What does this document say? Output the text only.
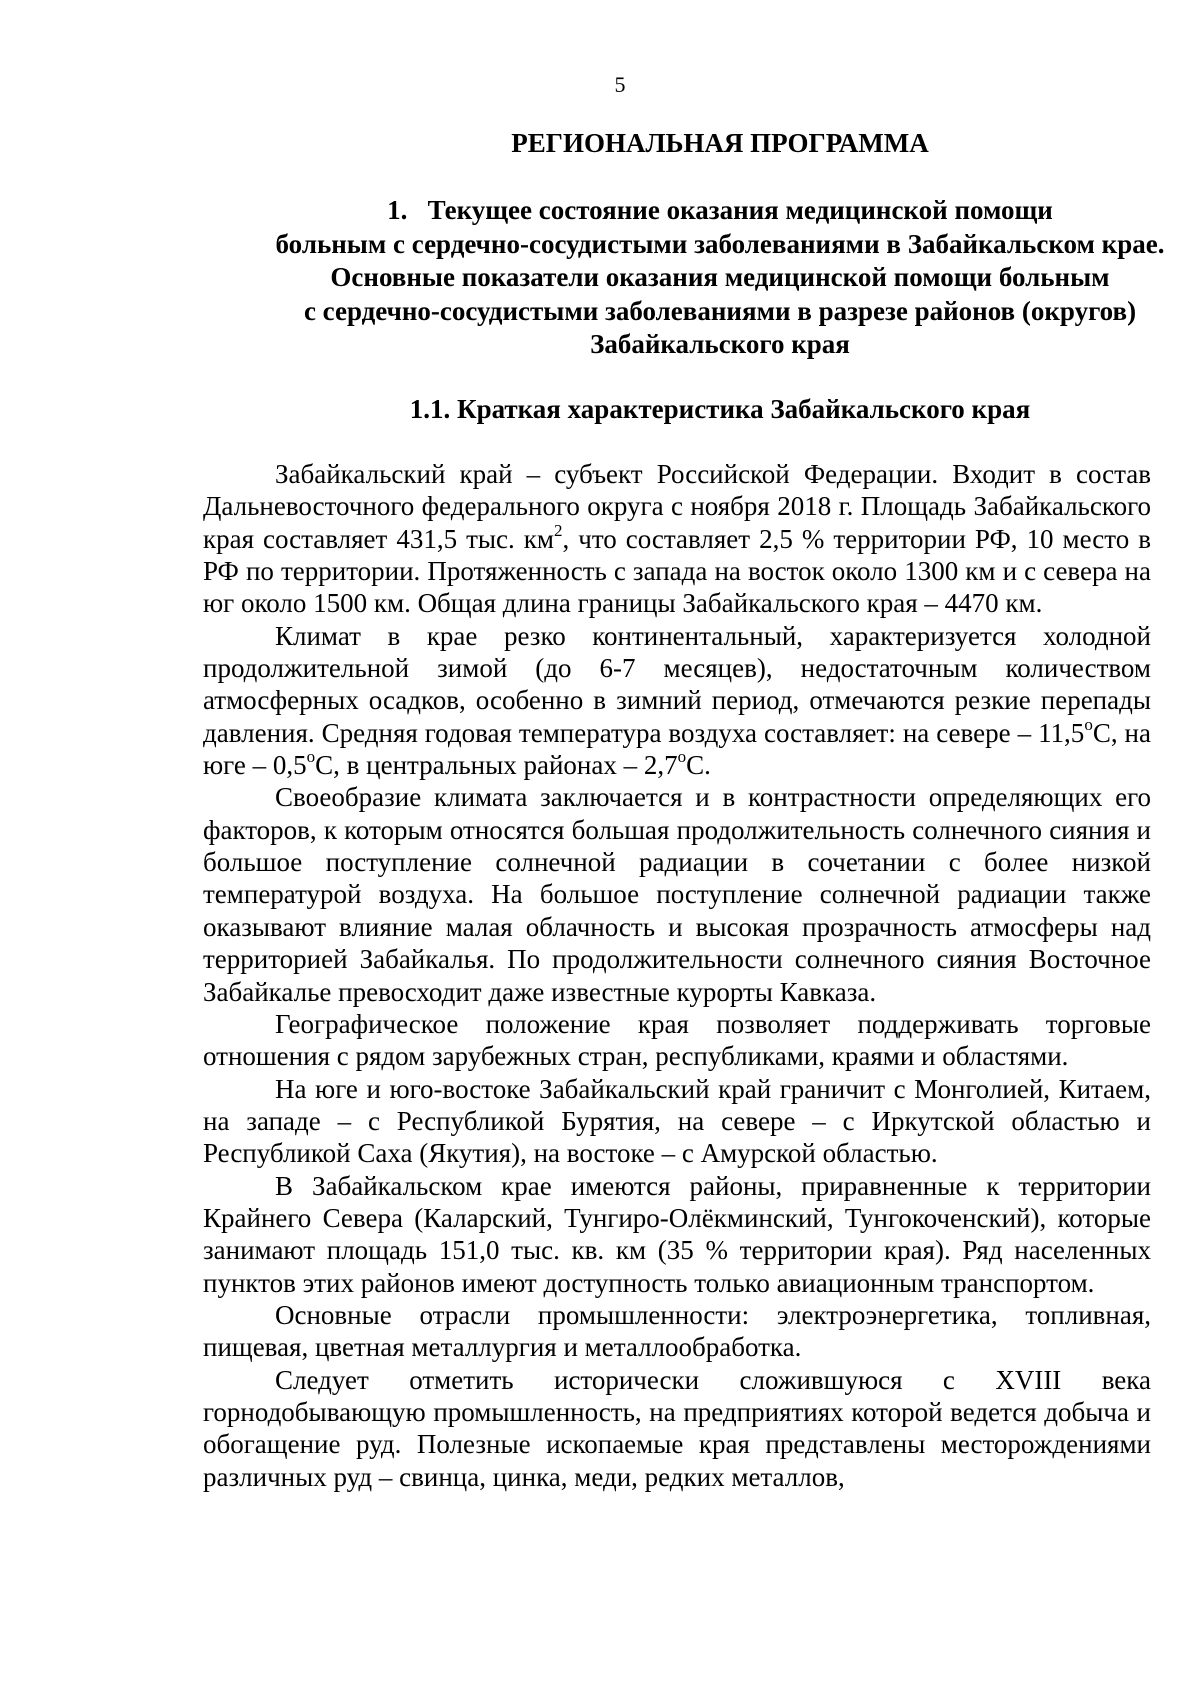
5
РЕГИОНАЛЬНАЯ ПРОГРАММА
1.   Текущее состояние оказания медицинской помощи
больным с сердечно-сосудистыми заболеваниями в Забайкальском крае.
Основные показатели оказания медицинской помощи больным
с сердечно-сосудистыми заболеваниями в разрезе районов (округов)
Забайкальского края
1.1. Краткая характеристика Забайкальского края

Забайкальский край – субъект Российской Федерации. Входит в состав Дальневосточного федерального округа с ноября 2018 г. Площадь Забайкальского края составляет 431,5 тыс. $км^2$, что составляет 2,5 % территории РФ, 10 место в РФ по территории. Протяженность с запада на восток около 1300 км и с севера на юг около 1500 км. Общая длина границы Забайкальского края – 4470 км.

Климат в крае резко континентальный, характеризуется холодной продолжительной зимой (до 6-7 месяцев), недостаточным количеством атмосферных осадков, особенно в зимний период, отмечаются резкие перепады давления. Средняя годовая температура воздуха составляет: на севере – $11,5^оС$, на юге – $0,5^оС$, в центральных районах – $2,7^оС$.

Своеобразие климата заключается и в контрастности определяющих его факторов, к которым относятся большая продолжительность солнечного сияния и большое поступление солнечной радиации в сочетании с более низкой температурой воздуха. На большое поступление солнечной радиации также оказывают влияние малая облачность и высокая прозрачность атмосферы над территорией Забайкалья. По продолжительности солнечного сияния Восточное Забайкалье превосходит даже известные курорты Кавказа.

Географическое положение края позволяет поддерживать торговые отношения с рядом зарубежных стран, республиками, краями и областями.

На юге и юго-востоке Забайкальский край граничит с Монголией, Китаем, на западе – с Республикой Бурятия, на севере – с Иркутской областью и Республикой Саха (Якутия), на востоке – с Амурской областью.

В Забайкальском крае имеются районы, приравненные к территории Крайнего Севера (Каларский, Тунгиро-Олёкминский, Тунгокоченский), которые занимают площадь 151,0 тыс. кв. км (35 % территории края). Ряд населенных пунктов этих районов имеют доступность только авиационным транспортом.

Основные отрасли промышленности: электроэнергетика, топливная, пищевая, цветная металлургия и металлообработка.

Следует отметить исторически сложившуюся с XVIII века горнодобывающую промышленность, на предприятиях которой ведется добыча и обогащение руд. Полезные ископаемые края представлены месторождениями различных руд – свинца, цинка, меди, редких металлов,
